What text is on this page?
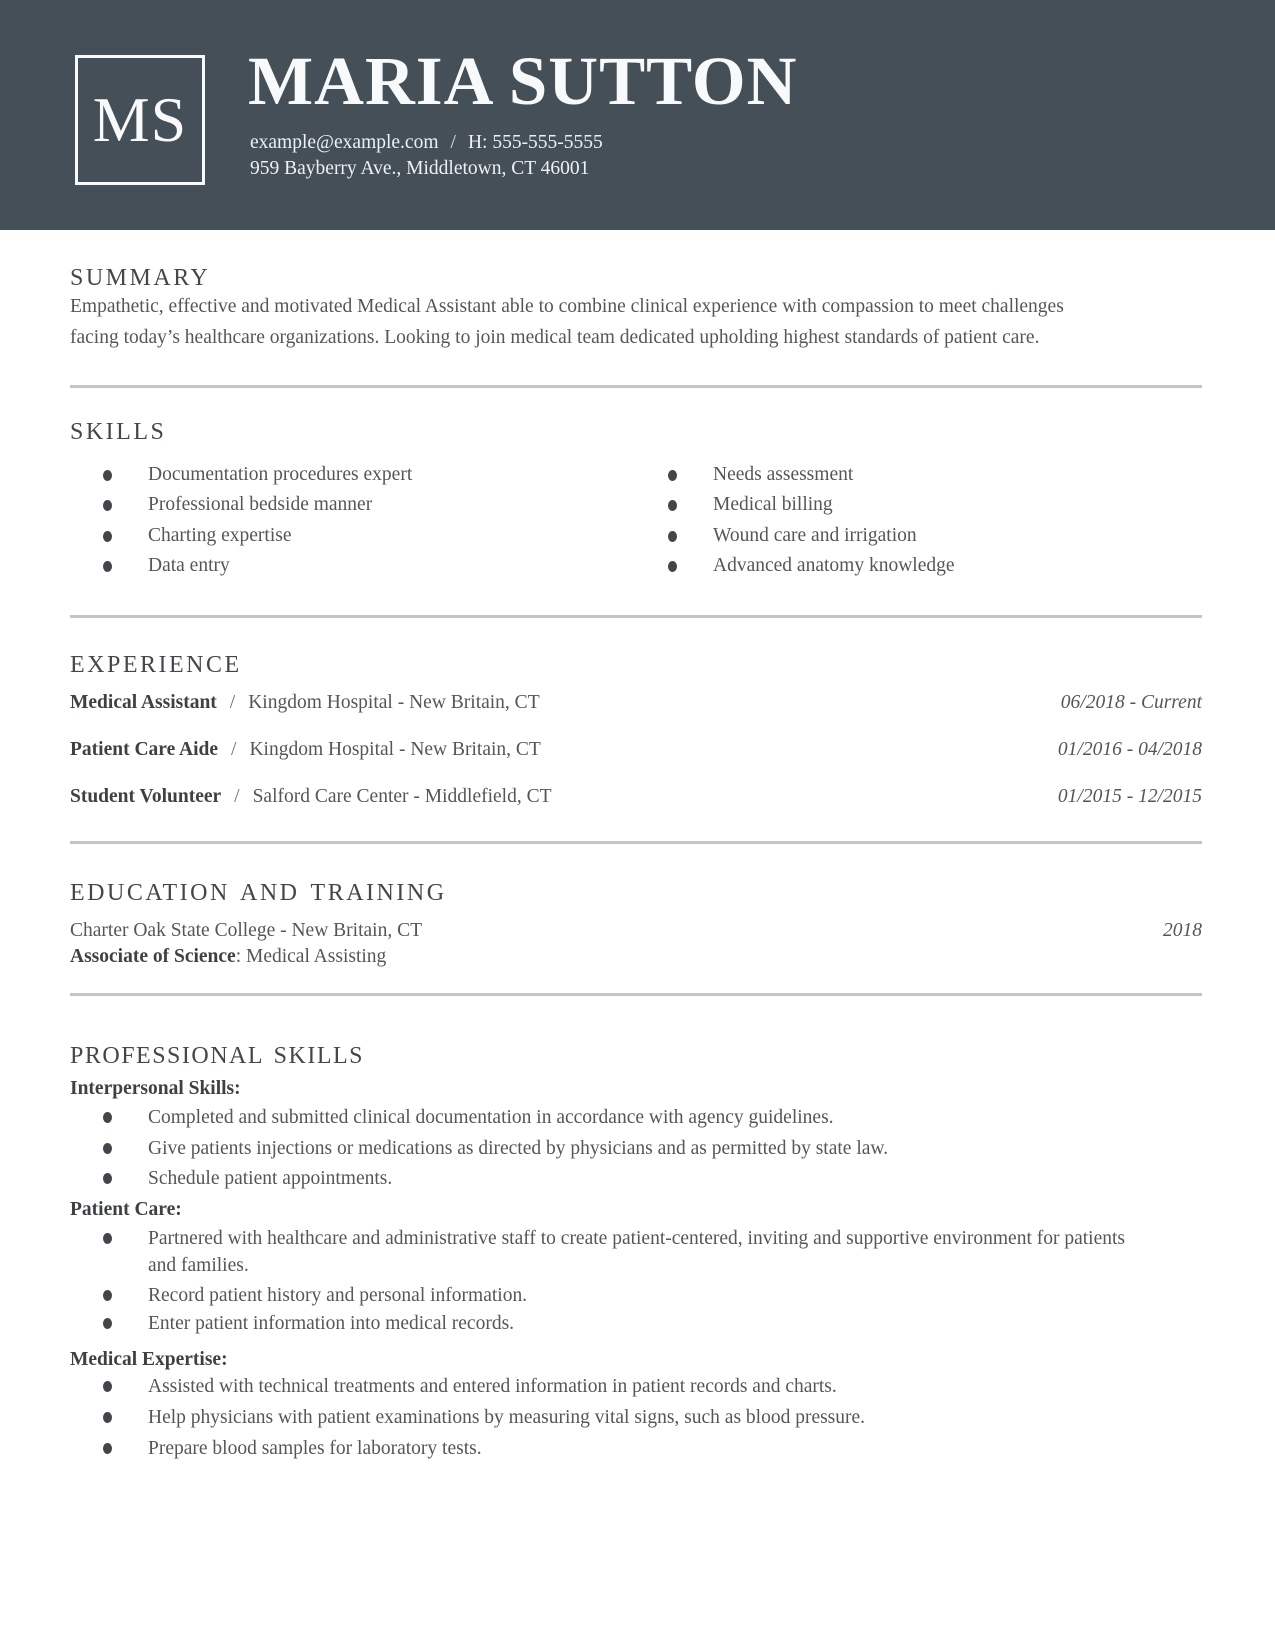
MS
MARIA SUTTON
example@example.com / H: 555-555-5555
959 Bayberry Ave., Middletown, CT 46001
SUMMARY
Empathetic, effective and motivated Medical Assistant able to combine clinical experience with compassion to meet challenges facing today’s healthcare organizations. Looking to join medical team dedicated upholding highest standards of patient care.
SKILLS
Documentation procedures expert
Professional bedside manner
Charting expertise
Data entry
Needs assessment
Medical billing
Wound care and irrigation
Advanced anatomy knowledge
EXPERIENCE
Medical Assistant / Kingdom Hospital - New Britain, CT	06/2018 - Current
Patient Care Aide / Kingdom Hospital - New Britain, CT	01/2016 - 04/2018
Student Volunteer / Salford Care Center - Middlefield, CT	01/2015 - 12/2015
EDUCATION AND TRAINING
Charter Oak State College - New Britain, CT	2018
Associate of Science: Medical Assisting
PROFESSIONAL SKILLS
Interpersonal Skills:
Completed and submitted clinical documentation in accordance with agency guidelines.
Give patients injections or medications as directed by physicians and as permitted by state law.
Schedule patient appointments.
Patient Care:
Partnered with healthcare and administrative staff to create patient-centered, inviting and supportive environment for patients and families.
Record patient history and personal information.
Enter patient information into medical records.
Medical Expertise:
Assisted with technical treatments and entered information in patient records and charts.
Help physicians with patient examinations by measuring vital signs, such as blood pressure.
Prepare blood samples for laboratory tests.
